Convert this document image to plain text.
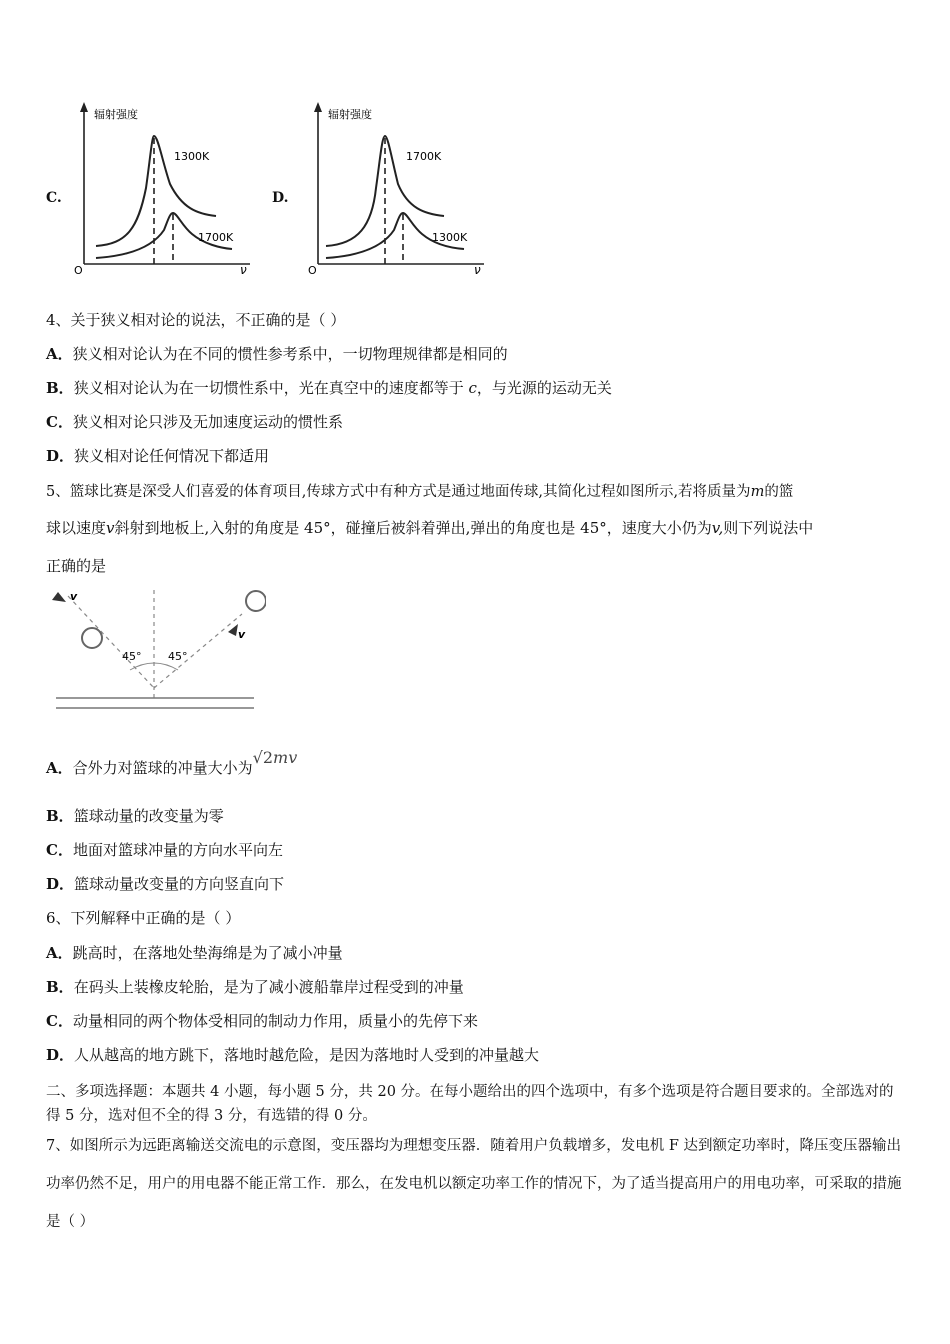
C.
辐射强度
1300K
1700K
O	ν
D.
辐射强度
1700K
1300K
O	ν
4、关于狭义相对论的说法，不正确的是（ ）
A．狭义相对论认为在不同的惯性参考系中，一切物理规律都是相同的
B．狭义相对论认为在一切惯性系中，光在真空中的速度都等于 c，与光源的运动无关
C．狭义相对论只涉及无加速度运动的惯性系
D．狭义相对论任何情况下都适用
5、篮球比赛是深受人们喜爱的体育项目,传球方式中有种方式是通过地面传球,其简化过程如图所示,若将质量为m的篮
球以速度v斜射到地板上,入射的角度是 45°，碰撞后被斜着弹出,弹出的角度也是 45°，速度大小仍为v,则下列说法中
正确的是
v
v
45° 45°
A．合外力对篮球的冲量大小为√2mv
B．篮球动量的改变量为零
C．地面对篮球冲量的方向水平向左
D．篮球动量改变量的方向竖直向下
6、下列解释中正确的是（ ）
A．跳高时，在落地处垫海绵是为了减小冲量
B．在码头上装橡皮轮胎，是为了减小渡船靠岸过程受到的冲量
C．动量相同的两个物体受相同的制动力作用，质量小的先停下来
D．人从越高的地方跳下，落地时越危险，是因为落地时人受到的冲量越大
二、多项选择题：本题共 4 小题，每小题 5 分，共 20 分。在每小题给出的四个选项中，有多个选项是符合题目要求的。全部选对的得 5 分，选对但不全的得 3 分，有选错的得 0 分。
7、如图所示为远距离输送交流电的示意图，变压器均为理想变压器．随着用户负载增多，发电机 F 达到额定功率时，降压变压器输出功率仍然不足，用户的用电器不能正常工作．那么，在发电机以额定功率工作的情况下，为了适当提高用户的用电功率，可采取的措施是（ ）
